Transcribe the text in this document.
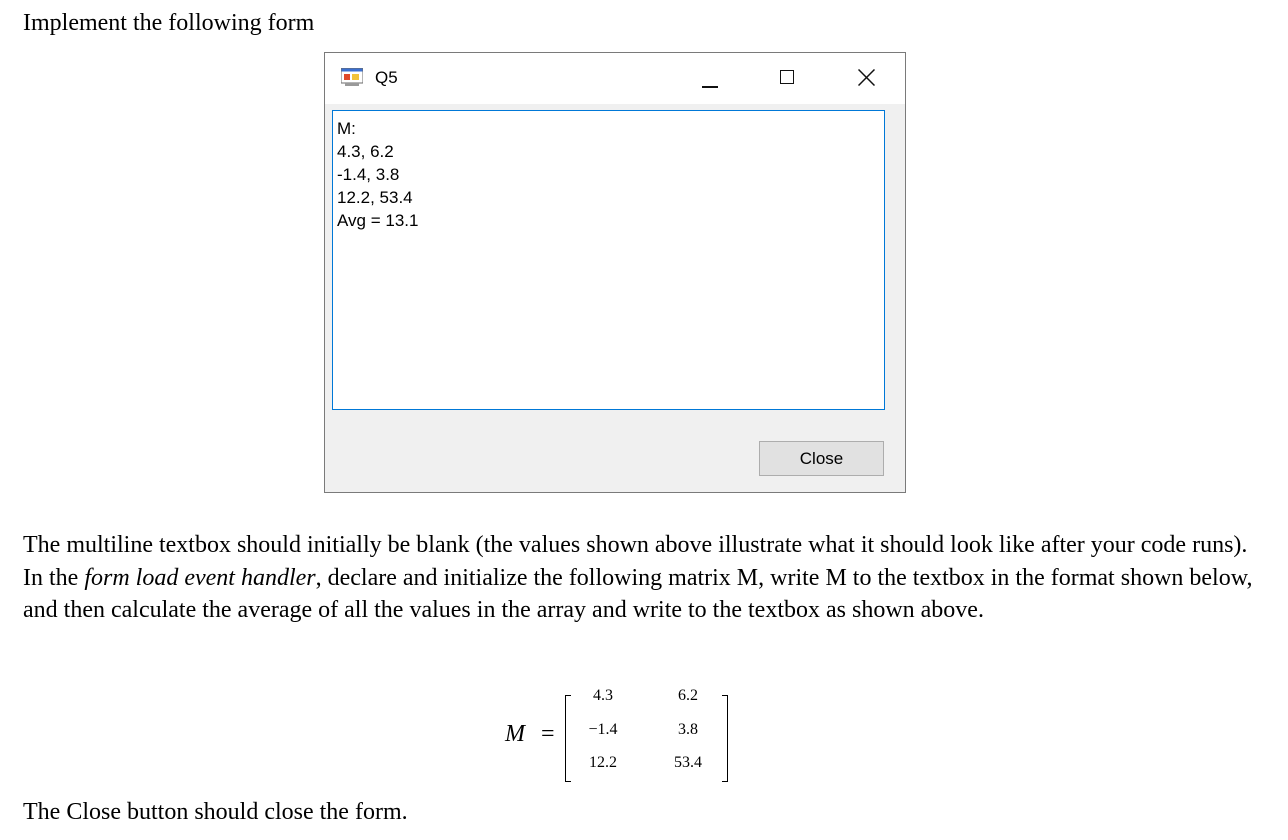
Implement the following form
Q5
M:
4.3, 6.2
-1.4, 3.8
12.2, 53.4
Avg = 13.1
Close
The multiline textbox should initially be blank (the values shown above illustrate what it should look like after your code runs). In the form load event handler, declare and initialize the following matrix M, write M to the textbox in the format shown below, and then calculate the average of all the values in the array and write to the textbox as shown above.
M =
4.3	6.2
−1.4	3.8
12.2	53.4
The Close button should close the form.
